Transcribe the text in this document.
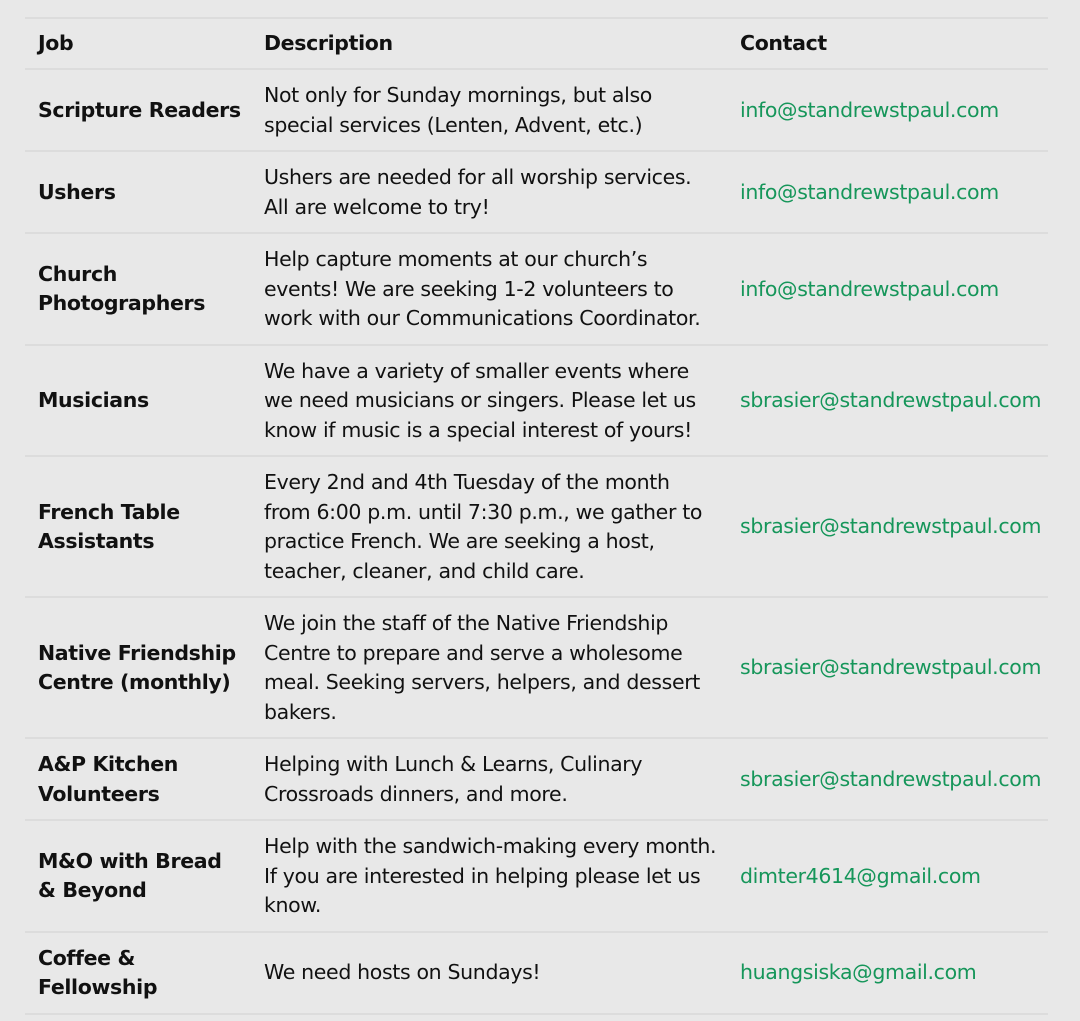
Job	Description	Contact
Scripture Readers	Not only for Sunday mornings, but also special services (Lenten, Advent, etc.)	info@standrewstpaul.com
Ushers	Ushers are needed for all worship services. All are welcome to try!	info@standrewstpaul.com
Church Photographers	Help capture moments at our church’s events! We are seeking 1-2 volunteers to work with our Communications Coordinator.	info@standrewstpaul.com
Musicians	We have a variety of smaller events where we need musicians or singers. Please let us know if music is a special interest of yours!	sbrasier@standrewstpaul.com
French Table Assistants	Every 2nd and 4th Tuesday of the month from 6:00 p.m. until 7:30 p.m., we gather to practice French. We are seeking a host, teacher, cleaner, and child care.	sbrasier@standrewstpaul.com
Native Friendship Centre (monthly)	We join the staff of the Native Friendship Centre to prepare and serve a wholesome meal. Seeking servers, helpers, and dessert bakers.	sbrasier@standrewstpaul.com
A&P Kitchen Volunteers	Helping with Lunch & Learns, Culinary Crossroads dinners, and more.	sbrasier@standrewstpaul.com
M&O with Bread & Beyond	Help with the sandwich-making every month. If you are interested in helping please let us know.	dimter4614@gmail.com
Coffee & Fellowship	We need hosts on Sundays!	huangsiska@gmail.com
